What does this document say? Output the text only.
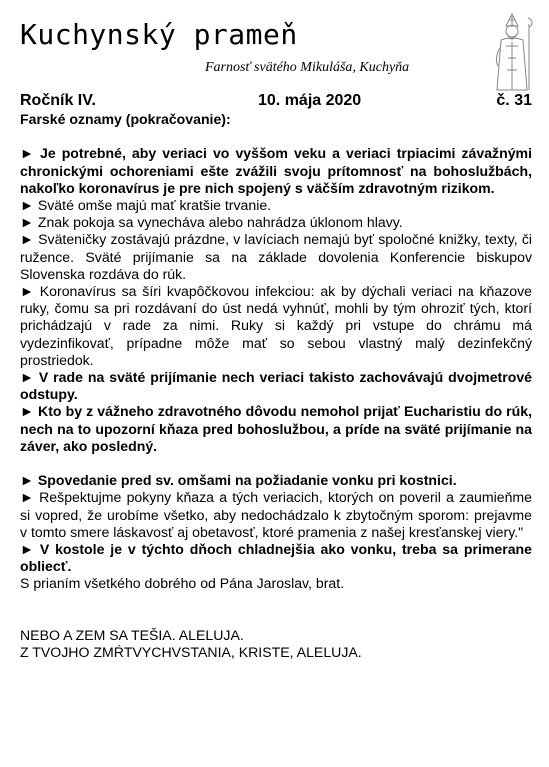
Kuchynský prameň
Farnosť svätého Mikuláša, Kuchyňa
Ročník IV.	10. mája 2020	č. 31

Farské oznamy (pokračovanie):

► Je potrebné, aby veriaci vo vyššom veku a veriaci trpiacimi závažnými chronickými ochoreniami ešte zvážili svoju prítomnosť na bohoslužbách, nakoľko koronavírus je pre nich spojený s väčším zdravotným rizikom.

► Sväté omše majú mať kratšie trvanie.

► Znak pokoja sa vynecháva alebo nahrádza úklonom hlavy.

► Sväteničky zostávajú prázdne, v lavíciach nemajú byť spoločné knižky, texty, či ružence. Sväté prijímanie sa na základe dovolenia Konferencie biskupov Slovenska rozdáva do rúk.

► Koronavírus sa šíri kvapôčkovou infekciou: ak by dýchali veriaci na kňazove ruky, čomu sa pri rozdávaní do úst nedá vyhnúť, mohli by tým ohroziť tých, ktorí prichádzajú v rade za nimi. Ruky si každý pri vstupe do chrámu má vydezinfikovať, prípadne môže mať so sebou vlastný malý dezinfekčný prostriedok.

► V rade na sväté prijímanie nech veriaci takisto zachovávajú dvojmetrové odstupy.

► Kto by z vážneho zdravotného dôvodu nemohol prijať Eucharistiu do rúk, nech na to upozorní kňaza pred bohoslužbou, a príde na sväté prijímanie na záver, ako posledný.

► Spovedanie pred sv. omšami na požiadanie vonku pri kostnici.

► Rešpektujme pokyny kňaza a tých veriacich, ktorých on poveril a zaumieňme si vopred, že urobíme všetko, aby nedochádzalo k zbytočným sporom: prejavme v tomto smere láskavosť aj obetavosť, ktoré pramenia z našej kresťanskej viery."

► V kostole je v týchto dňoch chladnejšia ako vonku, treba sa primerane obliecť.

S prianím všetkého dobrého od Pána Jaroslav, brat.

NEBO A ZEM SA TEŠIA. ALELUJA.

Z TVOJHO ZMŔTVYCHVSTANIA, KRISTE, ALELUJA.
